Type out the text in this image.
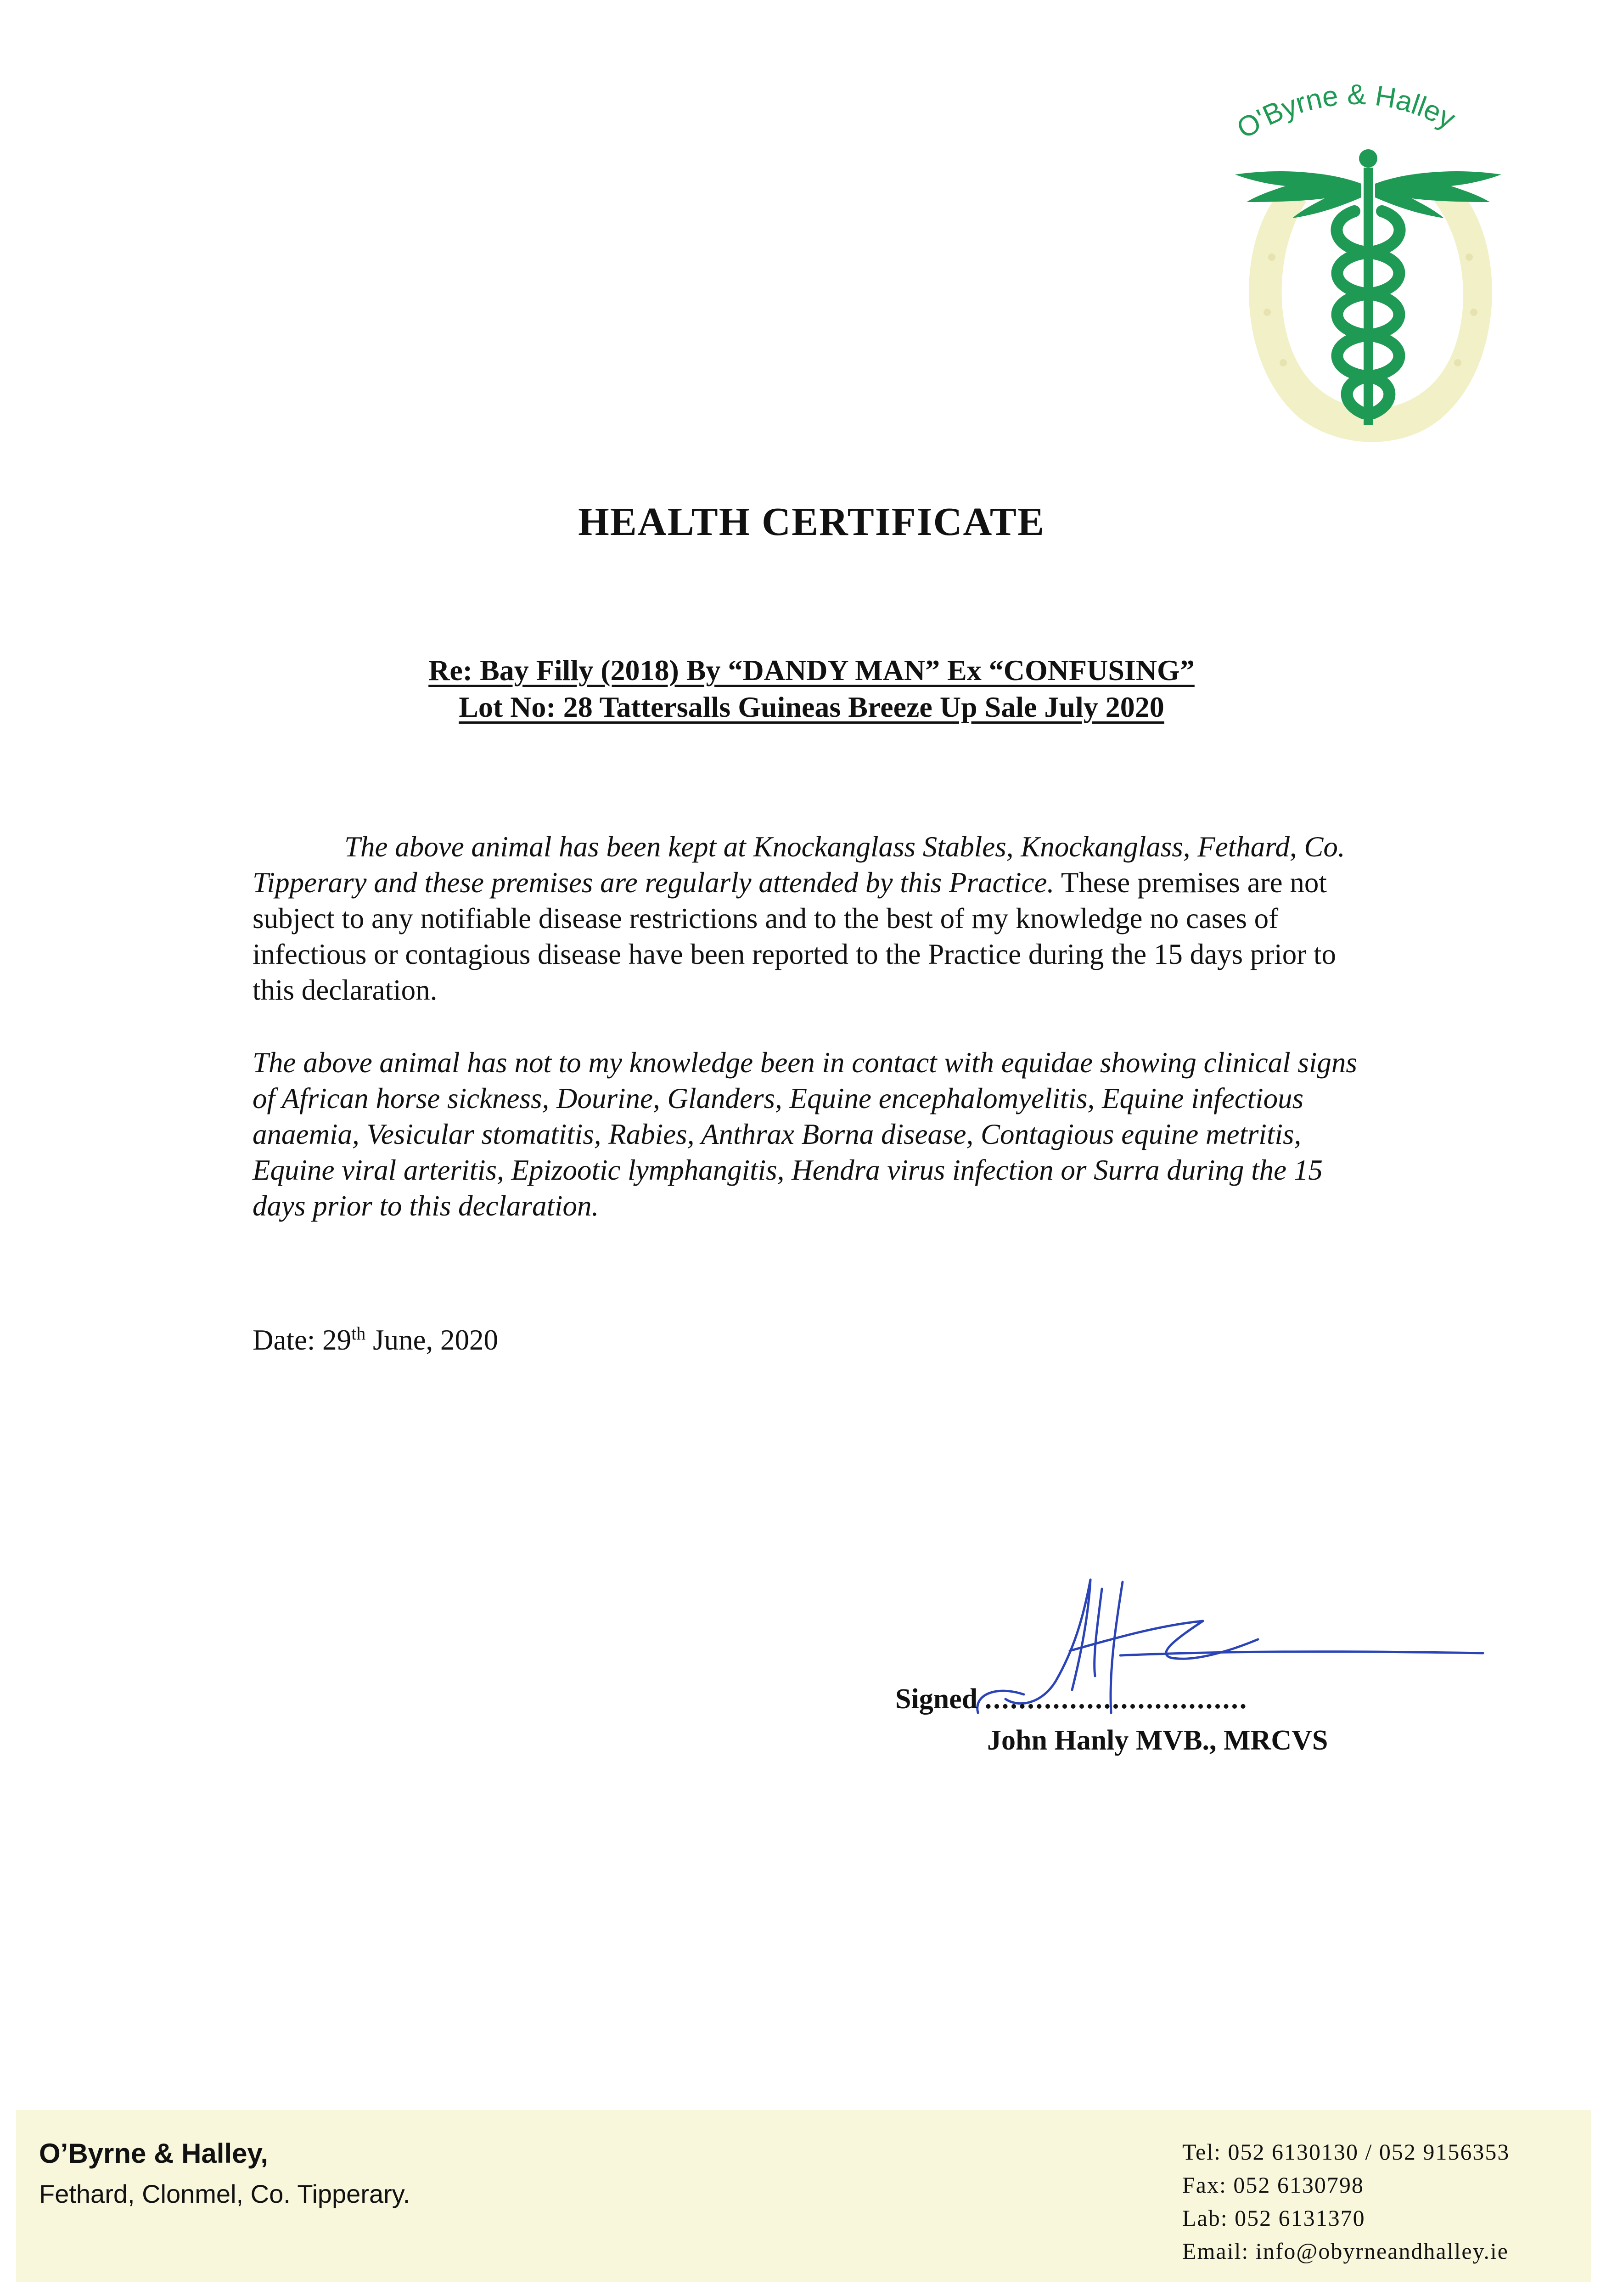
O'Byrne & Halley
HEALTH CERTIFICATE
Re: Bay Filly (2018) By “DANDY MAN” Ex “CONFUSING”
Lot No: 28 Tattersalls Guineas Breeze Up Sale July 2020
The above animal has been kept at Knockanglass Stables, Knockanglass, Fethard, Co. Tipperary and these premises are regularly attended by this Practice. These premises are not subject to any notifiable disease restrictions and to the best of my knowledge no cases of infectious or contagious disease have been reported to the Practice during the 15 days prior to this declaration.
The above animal has not to my knowledge been in contact with equidae showing clinical signs of African horse sickness, Dourine, Glanders, Equine encephalomyelitis, Equine infectious anaemia, Vesicular stomatitis, Rabies, Anthrax Borna disease, Contagious equine metritis, Equine viral arteritis, Epizootic lymphangitis, Hendra virus infection or Surra during the 15 days prior to this declaration.
Date: 29th June, 2020
Signed ...............................
John Hanly MVB., MRCVS
O’Byrne & Halley,
Fethard, Clonmel, Co. Tipperary.
Tel: 052 6130130 / 052 9156353
Fax: 052 6130798
Lab: 052 6131370
Email: info@obyrneandhalley.ie
